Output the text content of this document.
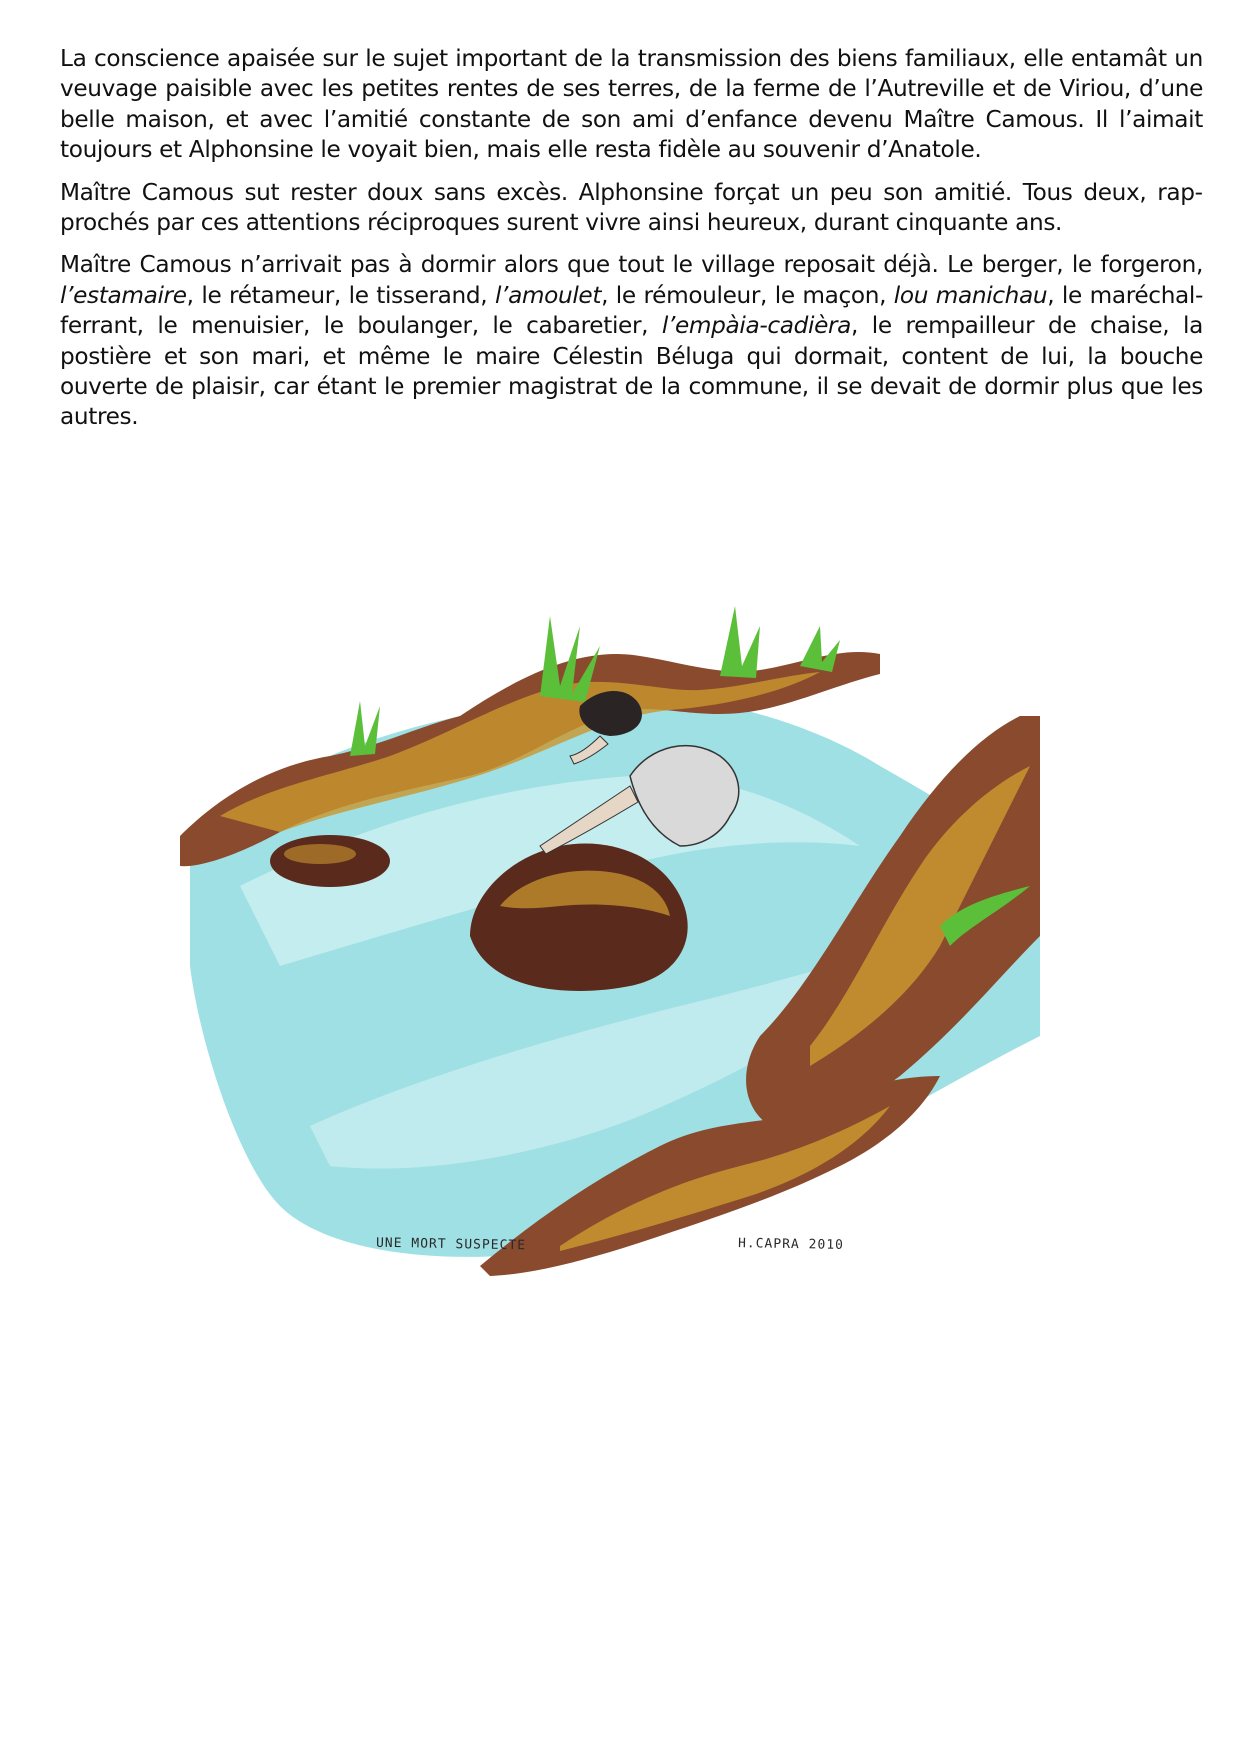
La conscience apaisée sur le sujet important de la transmission des biens familiaux, elle entamât un veuvage paisible avec les petites rentes de ses terres, de la ferme de l’Autreville et de Viriou, d’une belle maison, et avec l’amitié constante de son ami d’enfance devenu Maître Camous. Il l’aimait toujours et Alphonsine le voyait bien, mais elle resta fidèle au souvenir d’Anatole.

Maître Camous sut rester doux sans excès. Alphonsine forçat un peu son amitié. Tous deux, rapprochés par ces attentions réciproques surent vivre ainsi heureux, durant cinquante ans.

Maître Camous n’arrivait pas à dormir alors que tout le village reposait déjà. Le berger, le forgeron, l’estamaire, le rétameur, le tisserand, l’amoulet, le rémouleur, le maçon, lou manichau, le maréchal-ferrant, le menuisier, le boulanger, le cabaretier, l’empàia-cadièra, le rempailleur de chaise, la postière et son mari, et même le maire Célestin Béluga qui dormait, content de lui, la bouche ouverte de plaisir, car étant le premier magistrat de la commune, il se devait de dormir plus que les autres.

UNE MORT SUSPECTE	H.CAPRA 2010
